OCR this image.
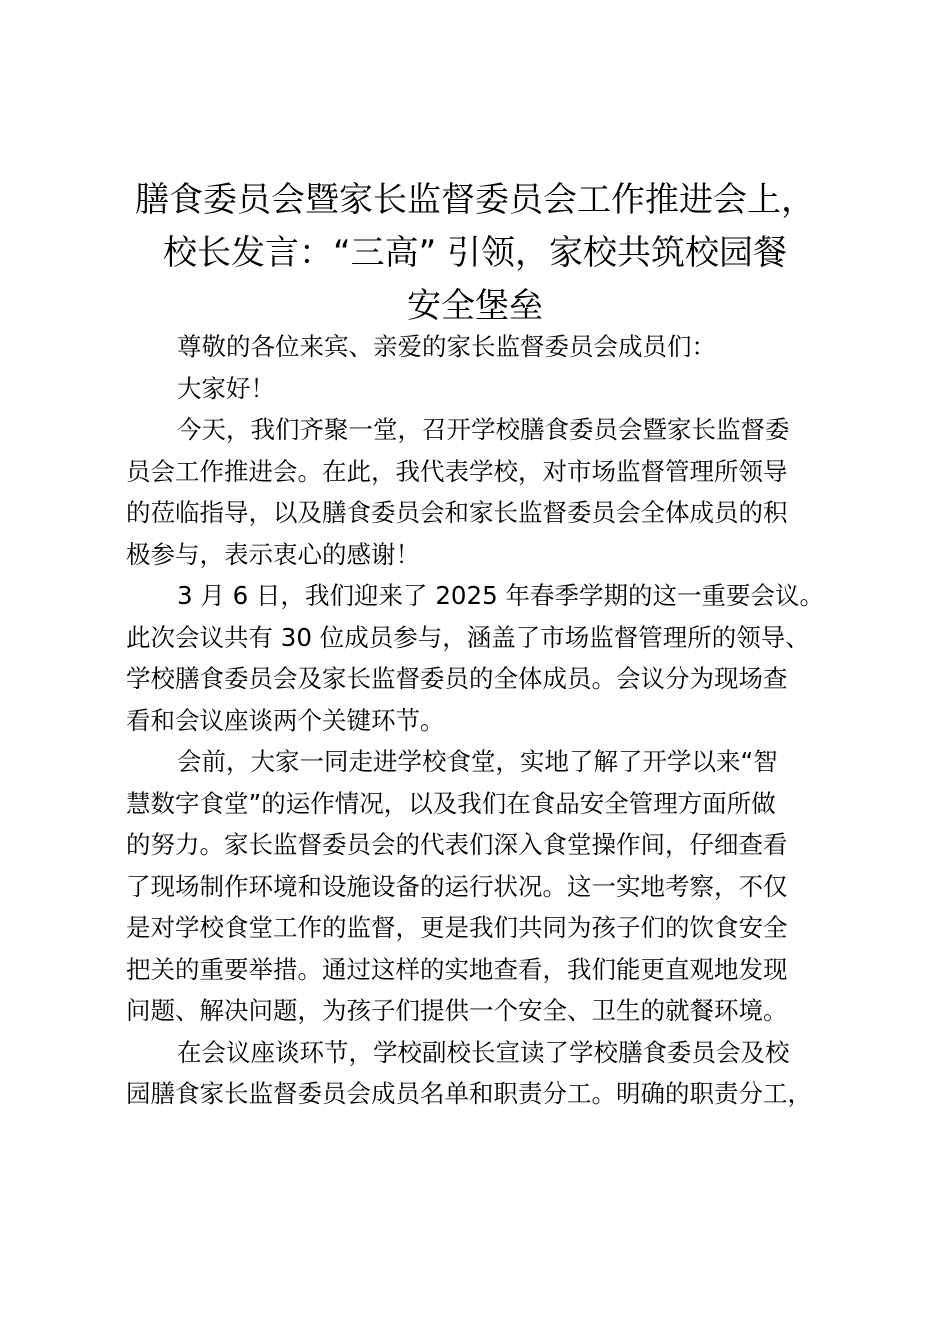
膳食委员会暨家长监督委员会工作推进会上，
校长发言：“三高” 引领，家校共筑校园餐
安全堡垒
尊敬的各位来宾、亲爱的家长监督委员会成员们：
大家好！
今天，我们齐聚一堂，召开学校膳食委员会暨家长监督委
员会工作推进会。在此，我代表学校，对市场监督管理所领导
的莅临指导，以及膳食委员会和家长监督委员会全体成员的积
极参与，表示衷心的感谢！
3 月 6 日，我们迎来了 2025 年春季学期的这一重要会议。
此次会议共有 30 位成员参与，涵盖了市场监督管理所的领导、
学校膳食委员会及家长监督委员的全体成员。会议分为现场查
看和会议座谈两个关键环节。
会前，大家一同走进学校食堂，实地了解了开学以来“智
慧数字食堂”的运作情况，以及我们在食品安全管理方面所做
的努力。家长监督委员会的代表们深入食堂操作间，仔细查看
了现场制作环境和设施设备的运行状况。这一实地考察，不仅
是对学校食堂工作的监督，更是我们共同为孩子们的饮食安全
把关的重要举措。通过这样的实地查看，我们能更直观地发现
问题、解决问题，为孩子们提供一个安全、卫生的就餐环境。
在会议座谈环节，学校副校长宣读了学校膳食委员会及校
园膳食家长监督委员会成员名单和职责分工。明确的职责分工，
